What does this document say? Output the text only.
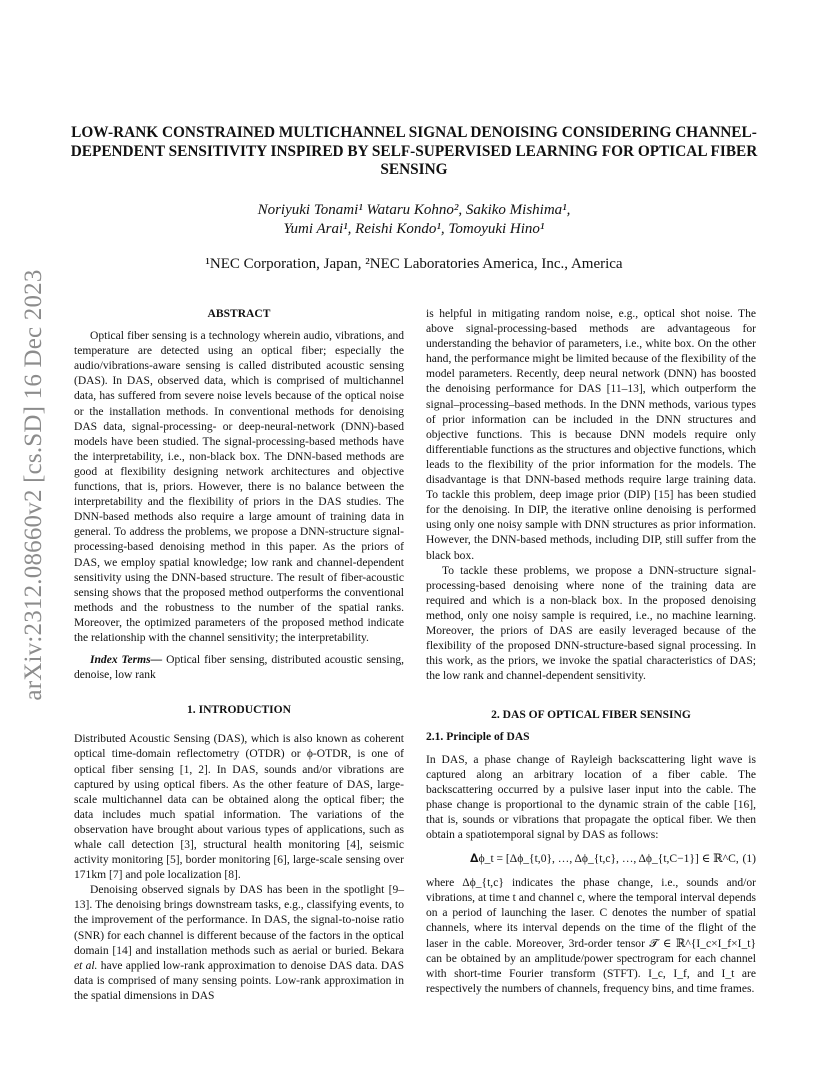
arXiv:2312.08660v2 [cs.SD] 16 Dec 2023
LOW-RANK CONSTRAINED MULTICHANNEL SIGNAL DENOISING CONSIDERING CHANNEL-DEPENDENT SENSITIVITY INSPIRED BY SELF-SUPERVISED LEARNING FOR OPTICAL FIBER SENSING
Noriyuki Tonami¹ Wataru Kohno², Sakiko Mishima¹,
Yumi Arai¹, Reishi Kondo¹, Tomoyuki Hino¹
¹NEC Corporation, Japan, ²NEC Laboratories America, Inc., America
ABSTRACT

Optical fiber sensing is a technology wherein audio, vibrations, and temperature are detected using an optical fiber; especially the audio/vibrations-aware sensing is called distributed acoustic sensing (DAS). In DAS, observed data, which is comprised of multichannel data, has suffered from severe noise levels because of the optical noise or the installation methods. In conventional methods for denoising DAS data, signal-processing- or deep-neural-network (DNN)-based models have been studied. The signal-processing-based methods have the interpretability, i.e., non-black box. The DNN-based methods are good at flexibility designing network architectures and objective functions, that is, priors. However, there is no balance between the interpretability and the flexibility of priors in the DAS studies. The DNN-based methods also require a large amount of training data in general. To address the problems, we propose a DNN-structure signal-processing-based denoising method in this paper. As the priors of DAS, we employ spatial knowledge; low rank and channel-dependent sensitivity using the DNN-based structure. The result of fiber-acoustic sensing shows that the proposed method outperforms the conventional methods and the robustness to the number of the spatial ranks. Moreover, the optimized parameters of the proposed method indicate the relationship with the channel sensitivity; the interpretability.

Index Terms— Optical fiber sensing, distributed acoustic sensing, denoise, low rank

1. INTRODUCTION

Distributed Acoustic Sensing (DAS), which is also known as coherent optical time-domain reflectometry (OTDR) or ϕ-OTDR, is one of optical fiber sensing [1, 2]. In DAS, sounds and/or vibrations are captured by using optical fibers. As the other feature of DAS, large-scale multichannel data can be obtained along the optical fiber; the data includes much spatial information. The variations of the observation have brought about various types of applications, such as whale call detection [3], structural health monitoring [4], seismic activity monitoring [5], border monitoring [6], large-scale sensing over 171km [7] and pole localization [8].

Denoising observed signals by DAS has been in the spotlight [9–13]. The denoising brings downstream tasks, e.g., classifying events, to the improvement of the performance. In DAS, the signal-to-noise ratio (SNR) for each channel is different because of the factors in the optical domain [14] and installation methods such as aerial or buried. Bekara et al. have applied low-rank approximation to denoise DAS data. DAS data is comprised of many sensing points. Low-rank approximation in the spatial dimensions in DAS

is helpful in mitigating random noise, e.g., optical shot noise. The above signal-processing-based methods are advantageous for understanding the behavior of parameters, i.e., white box. On the other hand, the performance might be limited because of the flexibility of the model parameters. Recently, deep neural network (DNN) has boosted the denoising performance for DAS [11–13], which outperform the signal–processing–based methods. In the DNN methods, various types of prior information can be included in the DNN structures and objective functions. This is because DNN models require only differentiable functions as the structures and objective functions, which leads to the flexibility of the prior information for the models. The disadvantage is that DNN-based methods require large training data. To tackle this problem, deep image prior (DIP) [15] has been studied for the denoising. In DIP, the iterative online denoising is performed using only one noisy sample with DNN structures as prior information. However, the DNN-based methods, including DIP, still suffer from the black box.

To tackle these problems, we propose a DNN-structure signal-processing-based denoising where none of the training data are required and which is a non-black box. In the proposed denoising method, only one noisy sample is required, i.e., no machine learning. Moreover, the priors of DAS are easily leveraged because of the flexibility of the proposed DNN-structure-based signal processing. In this work, as the priors, we invoke the spatial characteristics of DAS; the low rank and channel-dependent sensitivity.

2. DAS OF OPTICAL FIBER SENSING
2.1. Principle of DAS

In DAS, a phase change of Rayleigh backscattering light wave is captured along an arbitrary location of a fiber cable. The backscattering occurred by a pulsive laser input into the cable. The phase change is proportional to the dynamic strain of the cable [16], that is, sounds or vibrations that propagate the optical fiber. We then obtain a spatiotemporal signal by DAS as follows:

𝚫ϕ_t = [Δϕ_{t,0}, …, Δϕ_{t,c}, …, Δϕ_{t,C−1}] ∈ ℝ^C, (1)

where Δϕ_{t,c} indicates the phase change, i.e., sounds and/or vibrations, at time t and channel c, where the temporal interval depends on a period of launching the laser. C denotes the number of spatial channels, where its interval depends on the time of the flight of the laser in the cable. Moreover, 3rd-order tensor 𝓣 ∈ ℝ^{I_c×I_f×I_t} can be obtained by an amplitude/power spectrogram for each channel with short-time Fourier transform (STFT). I_c, I_f, and I_t are respectively the numbers of channels, frequency bins, and time frames.
